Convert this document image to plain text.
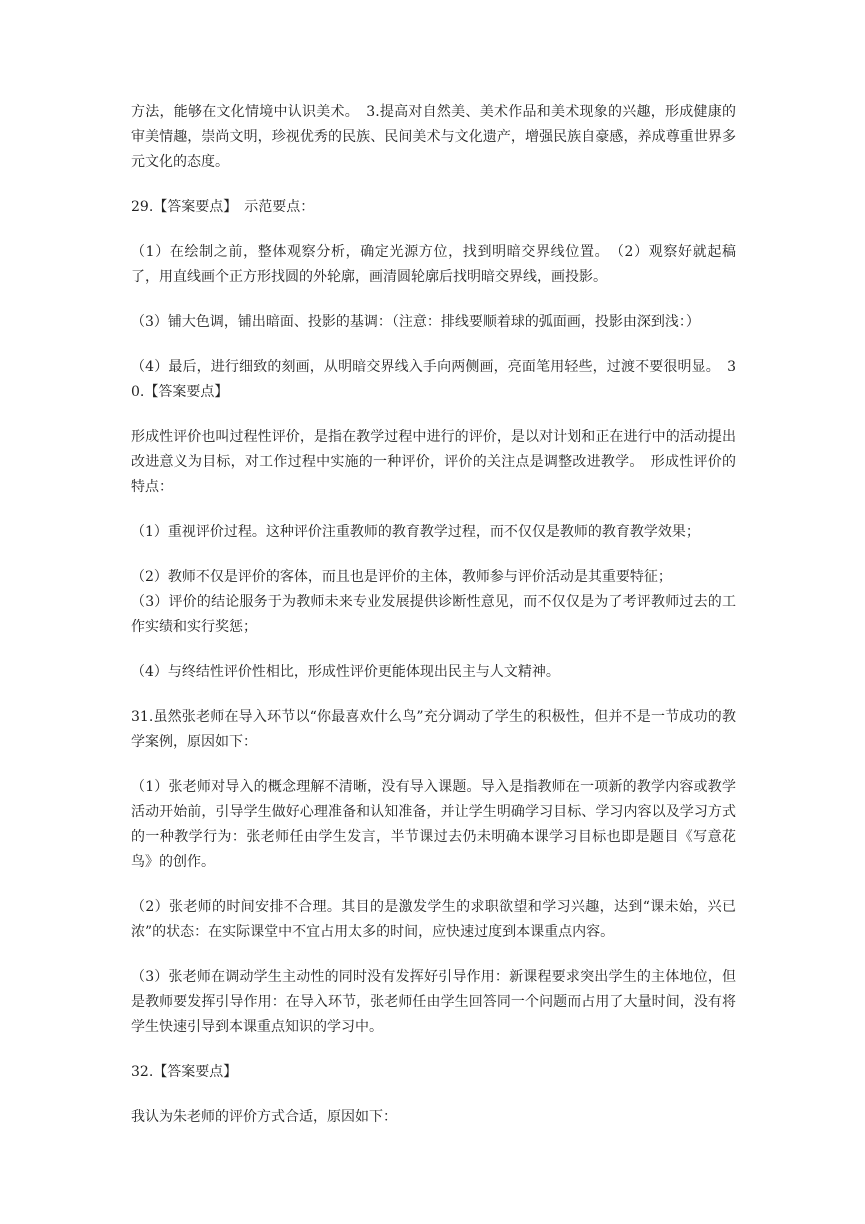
方法，能够在文化情境中认识美术。　3.提高对自然美、美术作品和美术现象的兴趣，形成健康的审美情趣，崇尚文明，珍视优秀的民族、民间美术与文化遗产，增强民族自豪感，养成尊重世界多元文化的态度。

29.【答案要点】　示范要点：

（1）在绘制之前，整体观察分析，确定光源方位，找到明暗交界线位置。　（2）观察好就起稿了，用直线画个正方形找圆的外轮廓，画清圆轮廓后找明暗交界线，画投影。

（3）铺大色调，铺出暗面、投影的基调：（注意：排线要顺着球的弧面画，投影由深到浅：）

（4）最后，进行细致的刻画，从明暗交界线入手向两侧画，亮面笔用轻些，过渡不要很明显。　30.【答案要点】

形成性评价也叫过程性评价，是指在教学过程中进行的评价，是以对计划和正在进行中的活动提出改进意义为目标，对工作过程中实施的一种评价，评价的关注点是调整改进教学。　形成性评价的特点：

（1）重视评价过程。这种评价注重教师的教育教学过程，而不仅仅是教师的教育教学效果；

（2）教师不仅是评价的客体，而且也是评价的主体，教师参与评价活动是其重要特征；

（3）评价的结论服务于为教师未来专业发展提供诊断性意见，而不仅仅是为了考评教师过去的工作实绩和实行奖惩；

（4）与终结性评价性相比，形成性评价更能体现出民主与人文精神。

31.虽然张老师在导入环节以“你最喜欢什么鸟”充分调动了学生的积极性，但并不是一节成功的教学案例，原因如下：

（1）张老师对导入的概念理解不清晰，没有导入课题。导入是指教师在一项新的教学内容或教学活动开始前，引导学生做好心理准备和认知准备，并让学生明确学习目标、学习内容以及学习方式的一种教学行为：张老师任由学生发言，半节课过去仍未明确本课学习目标也即是题目《写意花鸟》的创作。

（2）张老师的时间安排不合理。其目的是激发学生的求职欲望和学习兴趣，达到“课未始，兴已浓”的状态：在实际课堂中不宜占用太多的时间，应快速过度到本课重点内容。

（3）张老师在调动学生主动性的同时没有发挥好引导作用：新课程要求突出学生的主体地位，但是教师要发挥引导作用：在导入环节，张老师任由学生回答同一个问题而占用了大量时间，没有将学生快速引导到本课重点知识的学习中。

32.【答案要点】

我认为朱老师的评价方式合适，原因如下：
